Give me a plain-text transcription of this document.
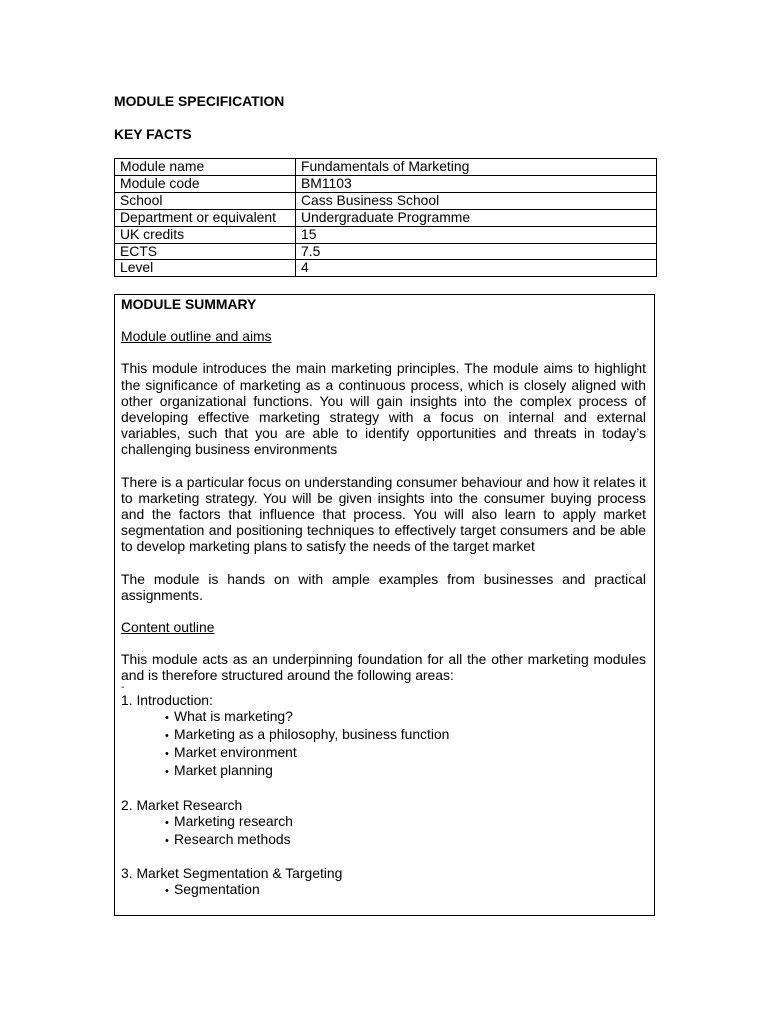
MODULE SPECIFICATION
KEY FACTS
Module name	Fundamentals of Marketing
Module code	BM1103
School	Cass Business School
Department or equivalent	Undergraduate Programme
UK credits	15
ECTS	7.5
Level	4
MODULE SUMMARY
Module outline and aims

This module introduces the main marketing principles. The module aims to highlight the significance of marketing as a continuous process, which is closely aligned with other organizational functions. You will gain insights into the complex process of developing effective marketing strategy with a focus on internal and external variables, such that you are able to identify opportunities and threats in today’s challenging business environments

There is a particular focus on understanding consumer behaviour and how it relates it to marketing strategy. You will be given insights into the consumer buying process and the factors that influence that process. You will also learn to apply market segmentation and positioning techniques to effectively target consumers and be able to develop marketing plans to satisfy the needs of the target market

The module is hands on with ample examples from businesses and practical assignments.

Content outline

This module acts as an underpinning foundation for all the other marketing modules and is therefore structured around the following areas:

-
1. Introduction:
• What is marketing?
• Marketing as a philosophy, business function
• Market environment
• Market planning
2. Market Research
• Marketing research
• Research methods
3. Market Segmentation & Targeting
• Segmentation
